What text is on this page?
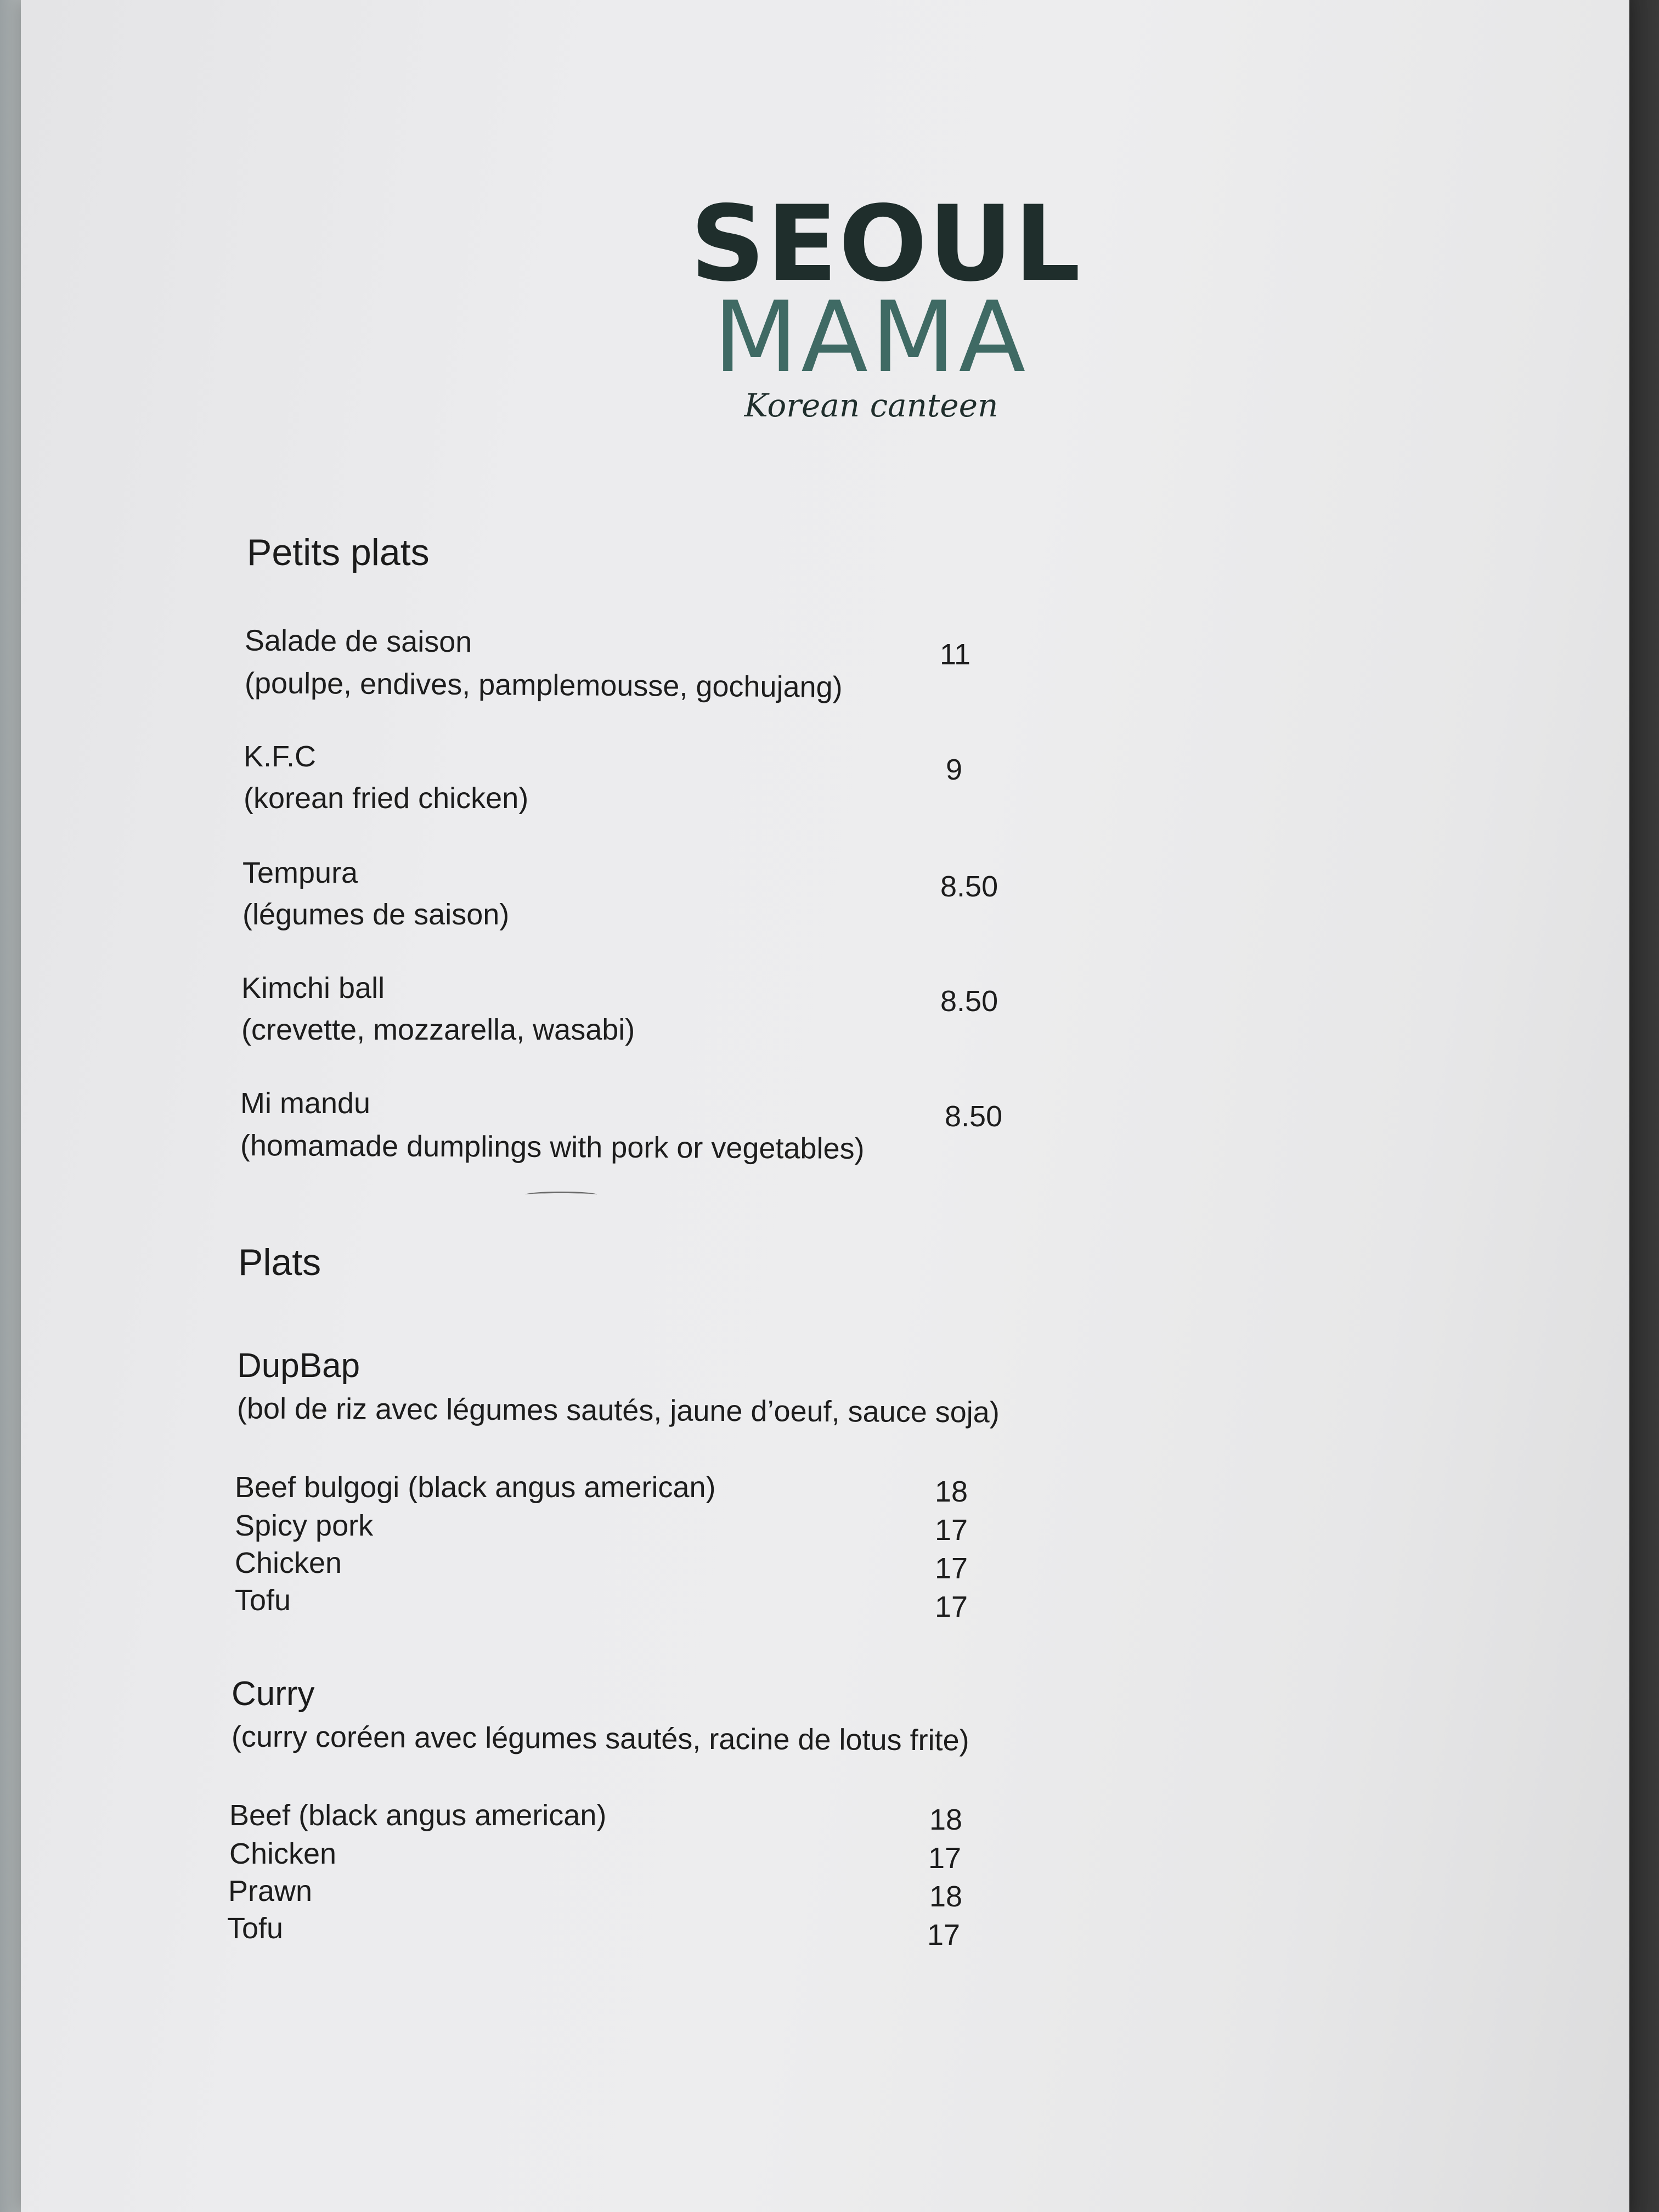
SEOUL
MAMA
Korean canteen
Petits plats
Salade de saison
(poulpe, endives, pamplemousse, gochujang)
11
K.F.C
(korean fried chicken)
9
Tempura
(légumes de saison)
8.50
Kimchi ball
(crevette, mozzarella, wasabi)
8.50
Mi mandu
(homamade dumplings with pork or vegetables)
8.50
Plats
DupBap
(bol de riz avec légumes sautés, jaune d’oeuf, sauce soja)
Beef bulgogi (black angus american)	18
Spicy pork	17
Chicken	17
Tofu	17
Curry
(curry coréen avec légumes sautés, racine de lotus frite)
Beef (black angus american)	18
Chicken	17
Prawn	18
Tofu	17
